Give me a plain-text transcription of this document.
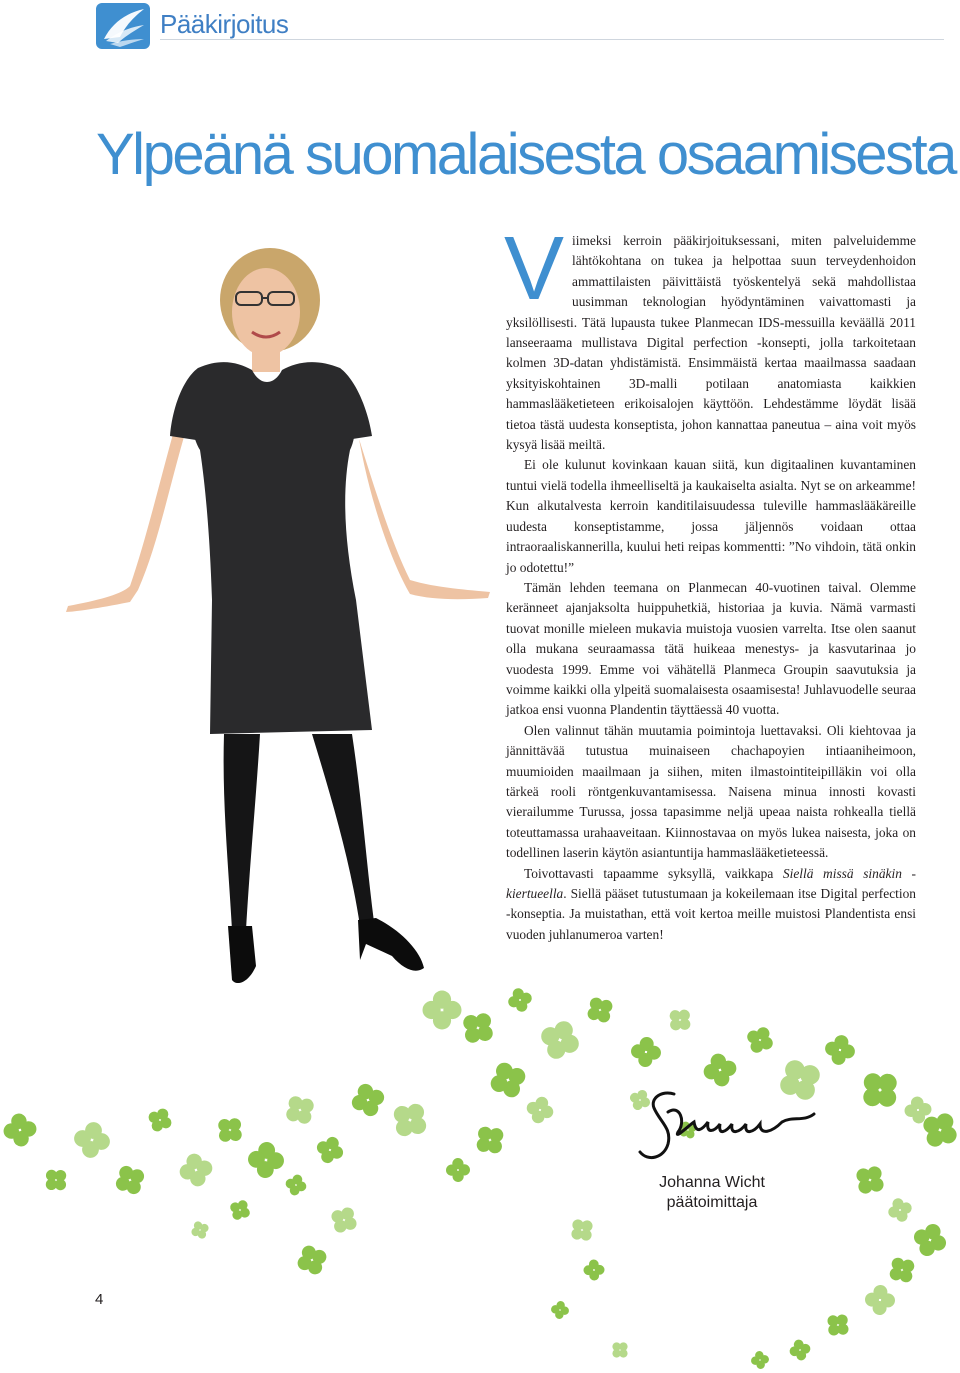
Pääkirjoitus
Ylpeänä suomalaisesta osaamisesta

Viimeksi kerroin pääkirjoituksessani, miten palveluidemme lähtökohtana on tukea ja helpottaa suun terveydenhoidon ammattilaisten päivittäistä työskentelyä sekä mahdollistaa uusimman teknologian hyödyntäminen vaivattomasti ja yksilöllisesti. Tätä lupausta tukee Planmecan IDS-messuilla keväällä 2011 lanseeraama mullistava Digital perfection -konsepti, jolla tarkoitetaan kolmen 3D-datan yhdistämistä. Ensimmäistä kertaa maailmassa saadaan yksityiskohtainen 3D-malli potilaan anatomiasta kaikkien hammaslääketieteen erikoisalojen käyttöön. Lehdestämme löydät lisää tietoa tästä uudesta konseptista, johon kannattaa paneutua – aina voit myös kysyä lisää meiltä.

Ei ole kulunut kovinkaan kauan siitä, kun digitaalinen kuvantaminen tuntui vielä todella ihmeelliseltä ja kaukaiselta asialta. Nyt se on arkeamme! Kun alkutalvesta kerroin kanditilaisuudessa tuleville hammaslääkäreille uudesta konseptistamme, jossa jäljennös voidaan ottaa intraoraaliskannerilla, kuului heti reipas kommentti: ”No vihdoin, tätä onkin jo odotettu!”

Tämän lehden teemana on Planmecan 40-vuotinen taival. Olemme keränneet ajanjaksolta huippuhetkiä, historiaa ja kuvia. Nämä varmasti tuovat monille mieleen mukavia muistoja vuosien varrelta. Itse olen saanut olla mukana seuraamassa tätä huikeaa menestys- ja kasvutarinaa jo vuodesta 1999. Emme voi vähätellä Planmeca Groupin saavutuksia ja voimme kaikki olla ylpeitä suomalaisesta osaamisesta! Juhlavuodelle seuraa jatkoa ensi vuonna Plandentin täyttäessä 40 vuotta.

Olen valinnut tähän muutamia poimintoja luettavaksi. Oli kiehtovaa ja jännittävää tutustua muinaiseen chachapoyien intiaaniheimoon, muumioiden maailmaan ja siihen, miten ilmastointiteipilläkin voi olla tärkeä rooli röntgenkuvantamisessa. Naisena minua innosti kovasti vierailumme Turussa, jossa tapasimme neljä upeaa naista rohkealla tiellä toteuttamassa urahaaveitaan. Kiinnostavaa on myös lukea naisesta, joka on todellinen laserin käytön asiantuntija hammaslääketieteessä.

Toivottavasti tapaamme syksyllä, vaikkapa Siellä missä sinäkin -kiertueella. Siellä pääset tutustumaan ja kokeilemaan itse Digital perfection -konseptia. Ja muistathan, että voit kertoa meille muistosi Plandentista ensi vuoden juhlanumeroa varten!

Johanna Wicht
päätoimittaja
4
